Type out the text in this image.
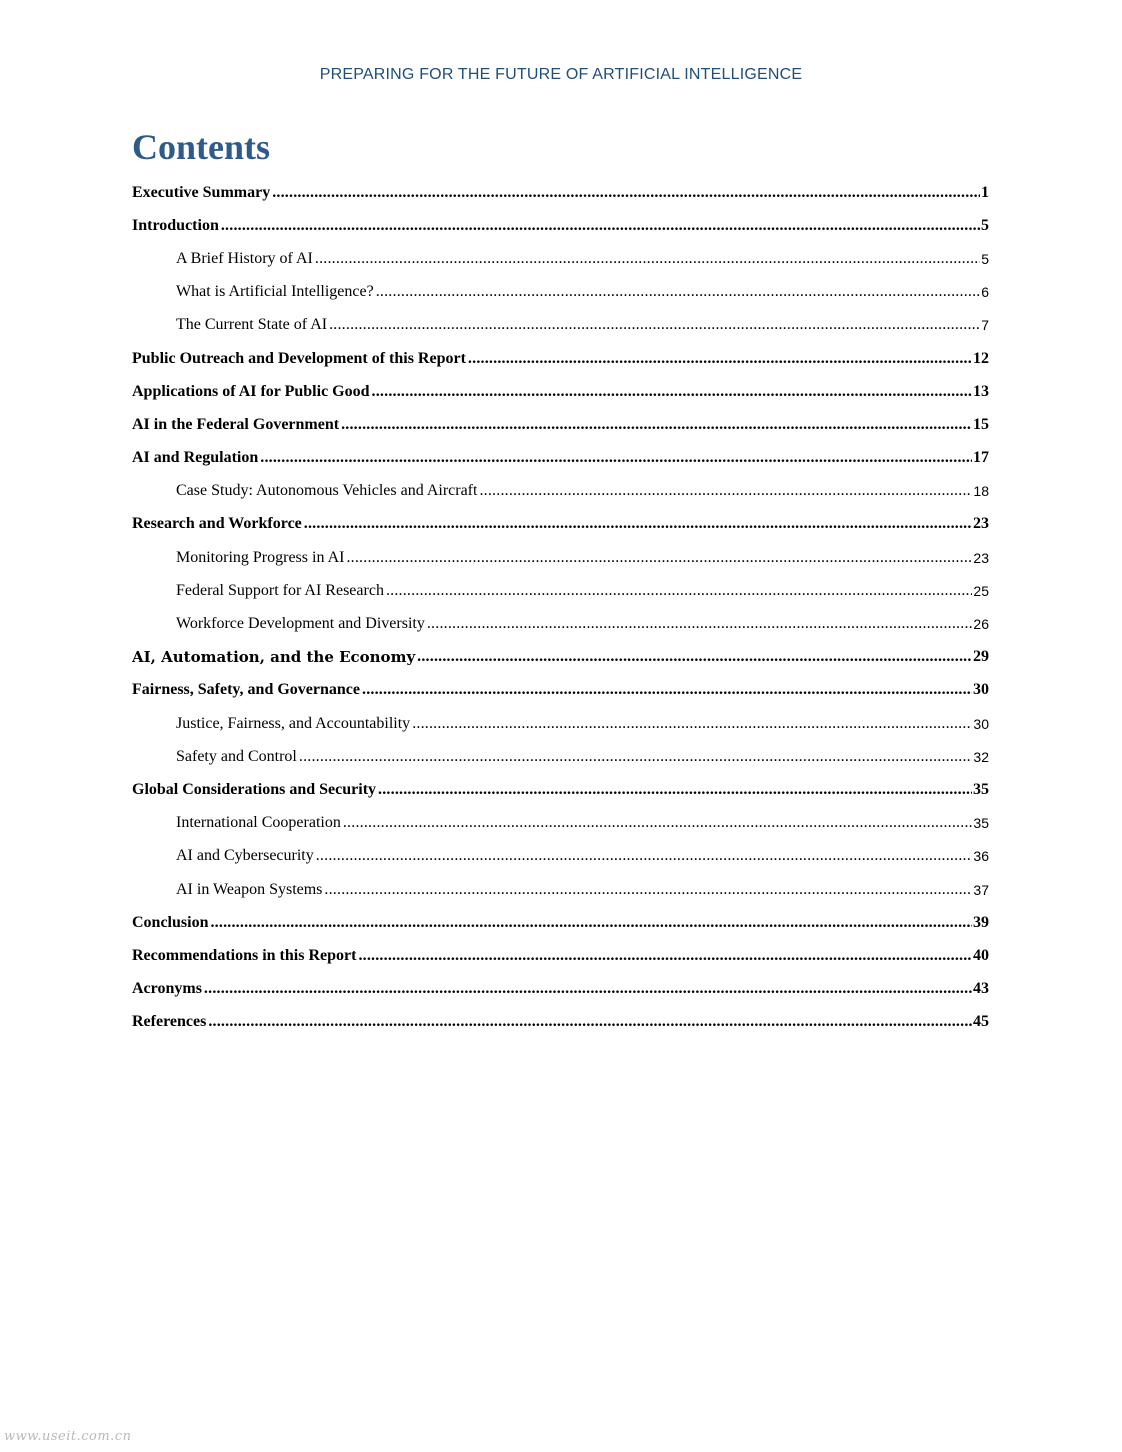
PREPARING FOR THE FUTURE OF ARTIFICIAL INTELLIGENCE
Contents
Executive Summary .....	1
Introduction .....	5
A Brief History of AI .....	5
What is Artificial Intelligence? .....	6
The Current State of AI .....	7
Public Outreach and Development of this Report .....	12
Applications of AI for Public Good .....	13
AI in the Federal Government .....	15
AI and Regulation .....	17
Case Study: Autonomous Vehicles and Aircraft .....	18
Research and Workforce .....	23
Monitoring Progress in AI .....	23
Federal Support for AI Research .....	25
Workforce Development and Diversity .....	26
AI, Automation, and the Economy .....	29
Fairness, Safety, and Governance .....	30
Justice, Fairness, and Accountability .....	30
Safety and Control .....	32
Global Considerations and Security .....	35
International Cooperation .....	35
AI and Cybersecurity .....	36
AI in Weapon Systems .....	37
Conclusion .....	39
Recommendations in this Report .....	40
Acronyms .....	43
References .....	45
www.useit.com.cn
